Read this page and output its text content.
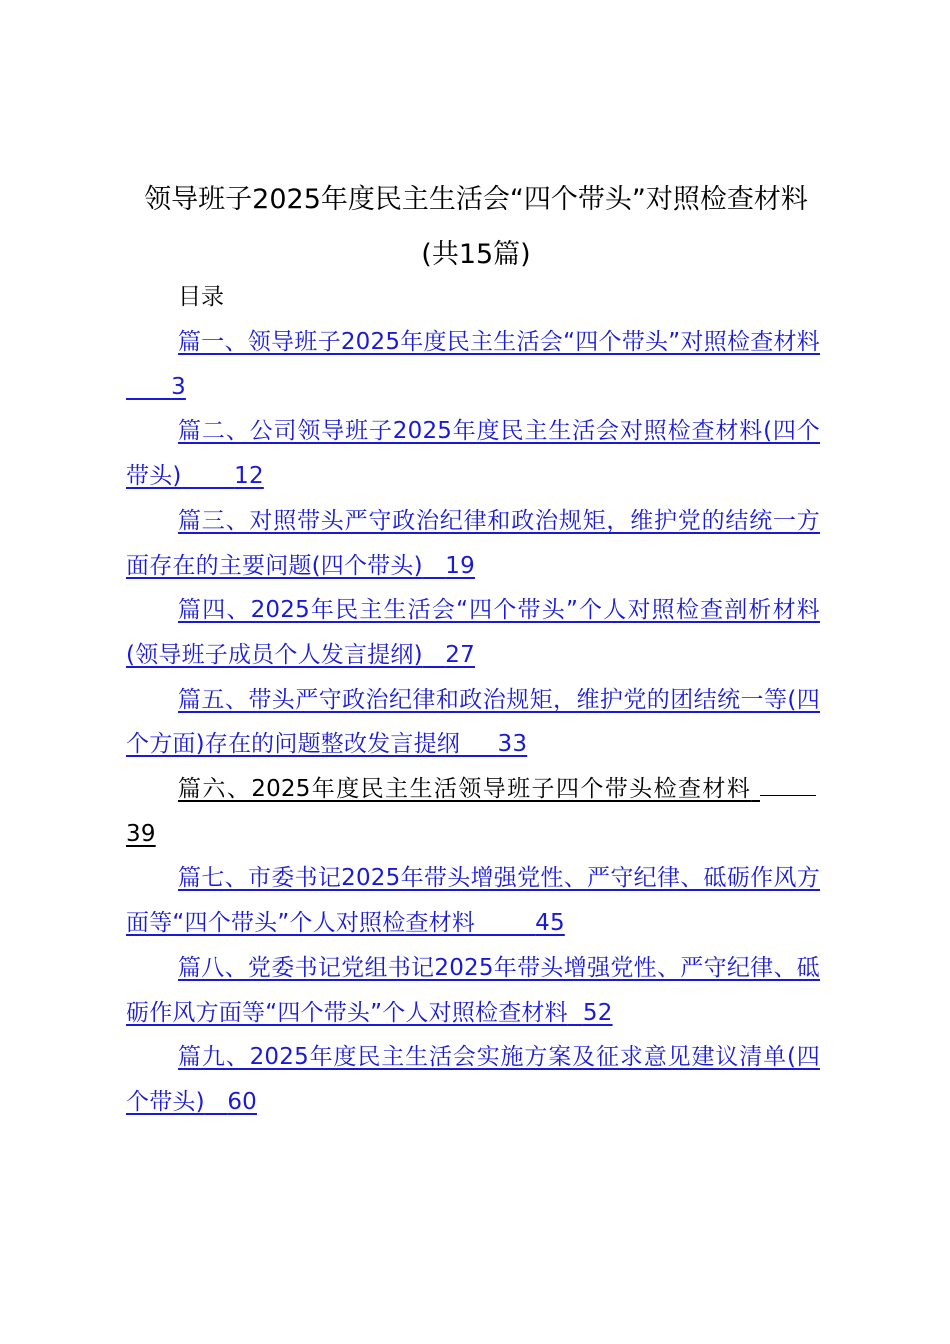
领导班子2025年度民主生活会“四个带头”对照检查材料(共15篇)
目录
篇一、领导班子2025年度民主生活会“四个带头”对照检查材料      3
篇二、公司领导班子2025年度民主生活会对照检查材料(四个带头) 12
篇三、对照带头严守政治纪律和政治规矩，维护党的结统一方面存在的主要问题(四个带头) 19
篇四、2025年民主生活会“四个带头”个人对照检查剖析材料(领导班子成员个人发言提纲) 27
篇五、带头严守政治纪律和政治规矩，维护党的团结统一等(四个方面)存在的问题整改发言提纲 33
篇六、2025年度民主生活领导班子四个带头检查材料 39
篇七、市委书记2025年带头增强党性、严守纪律、砥砺作风方面等“四个带头”个人对照检查材料	45
篇八、党委书记党组书记2025年带头增强党性、严守纪律、砥砺作风方面等“四个带头”个人对照检查材料 52
篇九、2025年度民主生活会实施方案及征求意见建议清单(四个带头) 60
